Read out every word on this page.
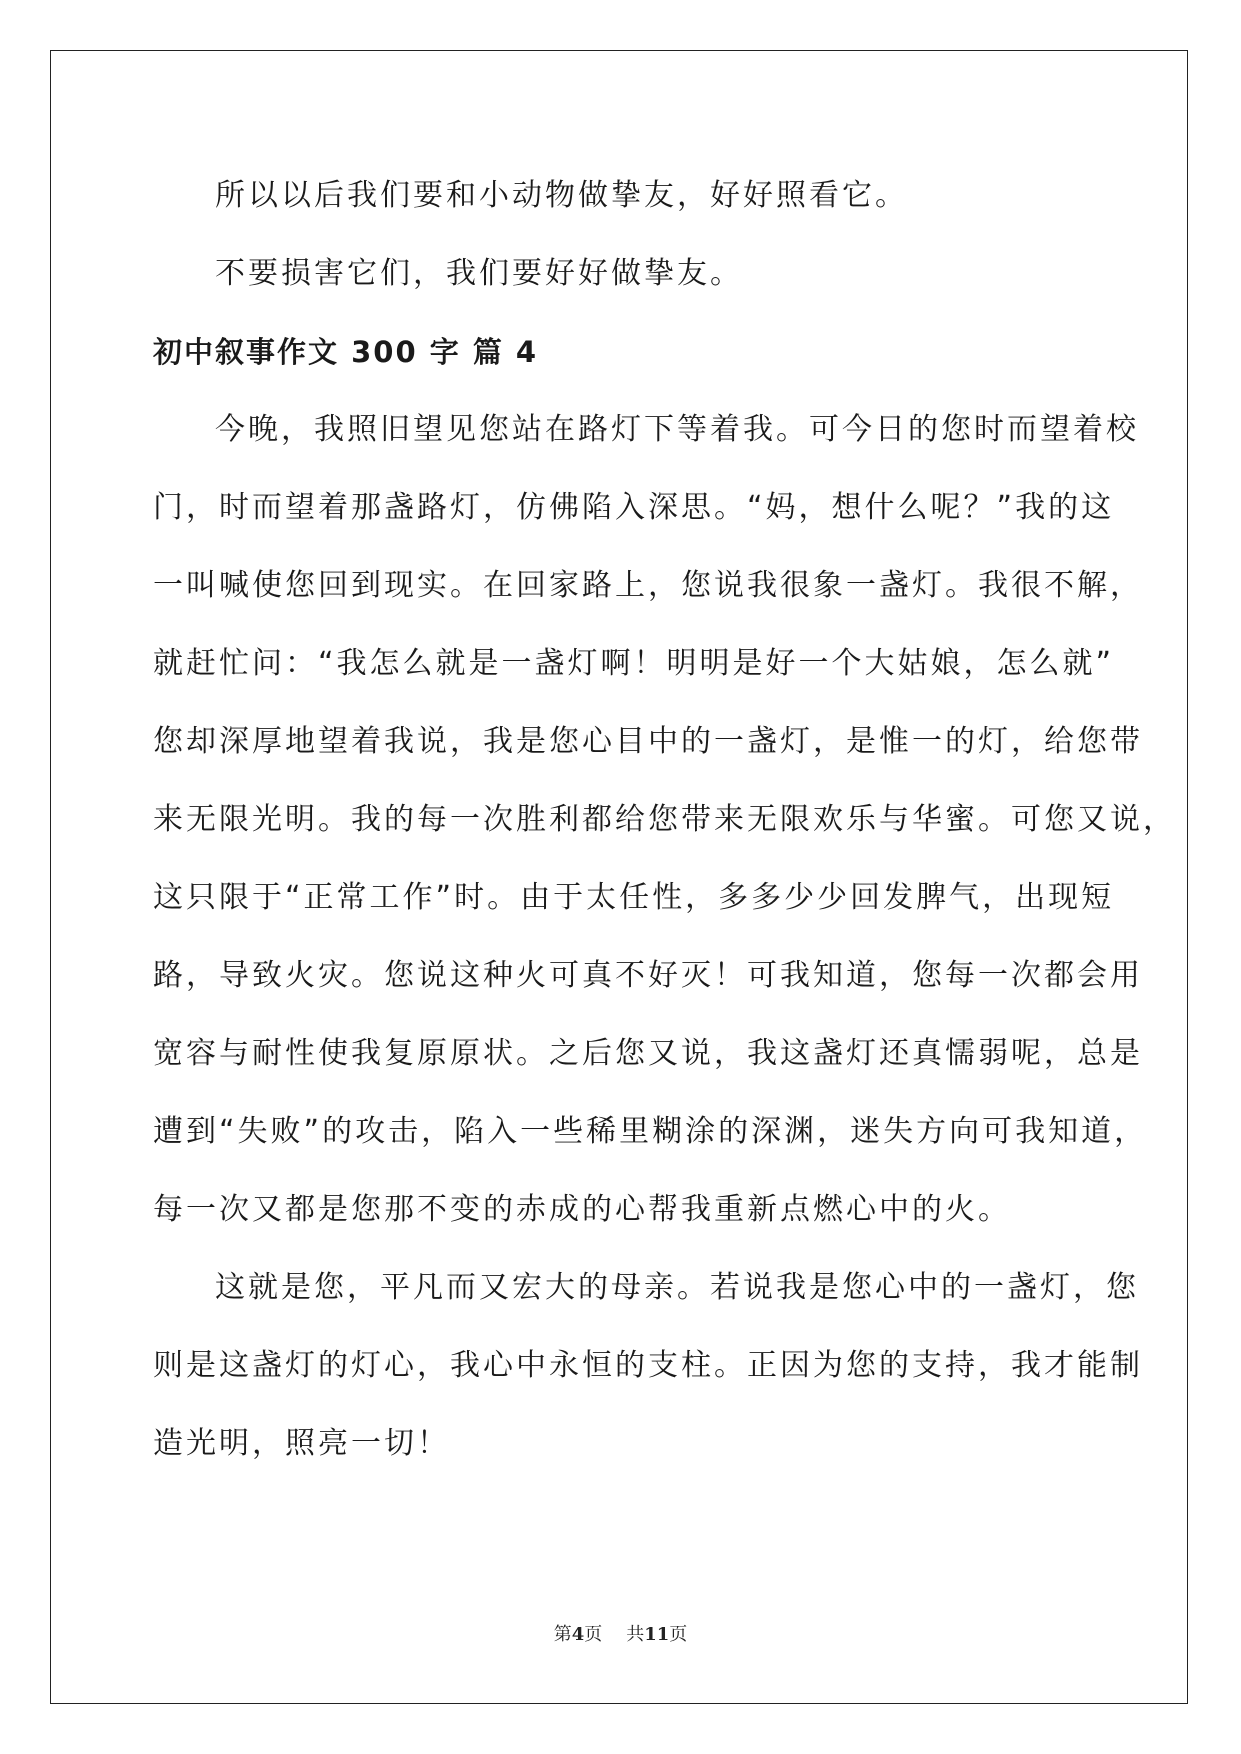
所以以后我们要和小动物做挚友，好好照看它。

不要损害它们，我们要好好做挚友。

初中叙事作文 300 字 篇 4

今晚，我照旧望见您站在路灯下等着我。可今日的您时而望着校
门，时而望着那盏路灯，仿佛陷入深思。“妈，想什么呢？”我的这
一叫喊使您回到现实。在回家路上，您说我很象一盏灯。我很不解，
就赶忙问：“我怎么就是一盏灯啊！明明是好一个大姑娘，怎么就”
您却深厚地望着我说，我是您心目中的一盏灯，是惟一的灯，给您带
来无限光明。我的每一次胜利都给您带来无限欢乐与华蜜。可您又说，
这只限于“正常工作”时。由于太任性，多多少少回发脾气，出现短
路，导致火灾。您说这种火可真不好灭！可我知道，您每一次都会用
宽容与耐性使我复原原状。之后您又说，我这盏灯还真懦弱呢，总是
遭到“失败”的攻击，陷入一些稀里糊涂的深渊，迷失方向可我知道，
每一次又都是您那不变的赤成的心帮我重新点燃心中的火。

这就是您，平凡而又宏大的母亲。若说我是您心中的一盏灯，您
则是这盏灯的灯心，我心中永恒的支柱。正因为您的支持，我才能制
造光明，照亮一切！

第4页 共11页
